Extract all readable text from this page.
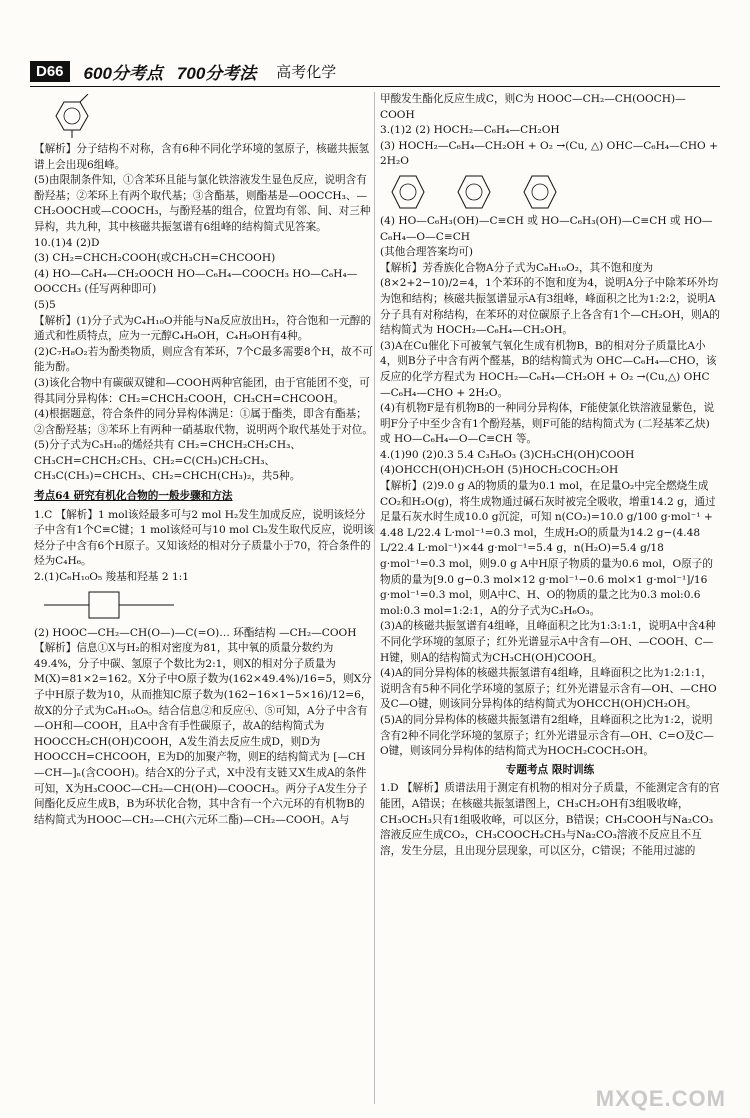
D66	600分考点 700分考法 高考化学

【解析】分子结构不对称，含有6种不同化学环境的氢原子，核磁共振氢谱上会出现6组峰。

(5)由限制条件知，①含苯环且能与氯化铁溶液发生显色反应，说明含有酚羟基；②苯环上有两个取代基；③含酯基，则酯基是—OOCCH₃、—CH₂OOCH或—COOCH₃，与酚羟基的组合，位置均有邻、间、对三种异构，共九种，其中核磁共振氢谱有6组峰的结构简式见答案。

10.(1)4 (2)D

(3) CH₂=CHCH₂COOH(或CH₃CH=CHCOOH)

(4) HO—C₆H₄—CH₂OOCH HO—C₆H₄—COOCH₃ HO—C₆H₄—OOCCH₃ (任写两种即可)

(5)5

【解析】(1)分子式为C₄H₁₀O并能与Na反应放出H₂，符合饱和一元醇的通式和性质特点，应为一元醇C₄H₉OH，C₄H₉OH有4种。

(2)C₇H₈O₂若为酚类物质，则应含有苯环，7个C最多需要8个H，故不可能为酚。

(3)该化合物中有碳碳双键和—COOH两种官能团，由于官能团不变，可得其同分异构体：CH₂=CHCH₂COOH，CH₃CH=CHCOOH。

(4)根据题意，符合条件的同分异构体满足：①属于酯类，即含有酯基；②含酚羟基；③苯环上有两种一硝基取代物，说明两个取代基处于对位。

(5)分子式为C₅H₁₀的烯烃共有 CH₂=CHCH₂CH₂CH₃、CH₃CH=CHCH₂CH₃、CH₂=C(CH₃)CH₂CH₃、CH₃C(CH₃)=CHCH₃、CH₂=CHCH(CH₃)₂，共5种。

考点64 研究有机化合物的一般步骤和方法

1.C 【解析】1 mol该烃最多可与2 mol H₂发生加成反应，说明该烃分子中含有1个C≡C键；1 mol该烃可与10 mol Cl₂发生取代反应，说明该烃分子中含有6个H原子。又知该烃的相对分子质量小于70，符合条件的烃为C₄H₆。

2.(1)C₆H₁₀O₅ 羧基和羟基 2 1:1

(2) HOOC—CH₂—CH(O—)—C(=O)… 环酯结构 —CH₂—COOH

【解析】信息①X与H₂的相对密度为81，其中氧的质量分数约为49.4%，分子中碳、氢原子个数比为2:1，则X的相对分子质量为M(X)=81×2=162。X分子中O原子数为(162×49.4%)/16=5，则X分子中H原子数为10，从而推知C原子数为(162−16×1−5×16)/12=6，故X的分子式为C₆H₁₀O₅。结合信息②和反应④、⑤可知，A分子中含有—OH和—COOH，且A中含有手性碳原子，故A的结构简式为HOOCCH₂CH(OH)COOH，A发生消去反应生成D，则D为HOOCCH=CHCOOH，E为D的加聚产物，则E的结构简式为 [—CH—CH—]ₙ(含COOH)。结合X的分子式，X中没有支链又X生成A的条件可知，X为H₃COOC—CH₂—CH(OH)—COOCH₃。两分子A发生分子间酯化反应生成B，B为环状化合物，其中含有一个六元环的有机物B的结构简式为HOOC—CH₂—CH(六元环二酯)—CH₂—COOH。A与

甲酸发生酯化反应生成C，则C为 HOOC—CH₂—CH(OOCH)—COOH

3.(1)2 (2) HOCH₂—C₆H₄—CH₂OH

(3) HOCH₂—C₆H₄—CH₂OH + O₂ →(Cu, △) OHC—C₆H₄—CHO + 2H₂O

(4) HO—C₆H₃(OH)—C≡CH 或 HO—C₆H₃(OH)—C≡CH 或 HO—C₆H₄—O—C≡CH

(其他合理答案均可)

【解析】芳香族化合物A分子式为C₈H₁₀O₂，其不饱和度为(8×2+2−10)/2=4，1个苯环的不饱和度为4，说明A分子中除苯环外均为饱和结构；核磁共振氢谱显示A有3组峰，峰面积之比为1:2:2，说明A分子具有对称结构，在苯环的对位碳原子上各含有1个—CH₂OH，则A的结构简式为 HOCH₂—C₆H₄—CH₂OH。

(3)A在Cu催化下可被氧气氧化生成有机物B，B的相对分子质量比A小4，则B分子中含有两个醛基，B的结构简式为 OHC—C₆H₄—CHO，该反应的化学方程式为 HOCH₂—C₆H₄—CH₂OH + O₂ →(Cu,△) OHC—C₆H₄—CHO + 2H₂O。

(4)有机物F是有机物B的一种同分异构体，F能使氯化铁溶液显紫色，说明F分子中至少含有1个酚羟基，则F可能的结构简式为 (二羟基苯乙炔) 或 HO—C₆H₄—O—C≡CH 等。

4.(1)90 (2)0.3 5.4 C₃H₆O₃ (3)CH₃CH(OH)COOH

(4)OHCCH(OH)CH₂OH (5)HOCH₂COCH₂OH

【解析】(2)9.0 g A的物质的量为0.1 mol，在足量O₂中完全燃烧生成CO₂和H₂O(g)，将生成物通过碱石灰时被完全吸收，增重14.2 g，通过足量石灰水时生成10.0 g沉淀，可知 n(CO₂)=10.0 g/100 g·mol⁻¹ + 4.48 L/22.4 L·mol⁻¹=0.3 mol，生成H₂O的质量为14.2 g−(4.48 L/22.4 L·mol⁻¹)×44 g·mol⁻¹=5.4 g，n(H₂O)=5.4 g/18 g·mol⁻¹=0.3 mol，则9.0 g A中H原子物质的量为0.6 mol，O原子的物质的量为[9.0 g−0.3 mol×12 g·mol⁻¹−0.6 mol×1 g·mol⁻¹]/16 g·mol⁻¹=0.3 mol，则A中C、H、O的物质的量之比为0.3 mol:0.6 mol:0.3 mol=1:2:1，A的分子式为C₃H₆O₃。

(3)A的核磁共振氢谱有4组峰，且峰面积之比为1:3:1:1，说明A中含4种不同化学环境的氢原子；红外光谱显示A中含有—OH、—COOH、C—H键，则A的结构简式为CH₃CH(OH)COOH。

(4)A的同分异构体的核磁共振氢谱有4组峰，且峰面积之比为1:2:1:1，说明含有5种不同化学环境的氢原子；红外光谱显示含有—OH、—CHO及C—O键，则该同分异构体的结构简式为OHCCH(OH)CH₂OH。

(5)A的同分异构体的核磁共振氢谱有2组峰，且峰面积之比为1:2，说明含有2种不同化学环境的氢原子；红外光谱显示含有—OH、C=O及C—O键，则该同分异构体的结构简式为HOCH₂COCH₂OH。

专题考点 限时训练

1.D 【解析】质谱法用于测定有机物的相对分子质量，不能测定含有的官能团，A错误；在核磁共振氢谱图上，CH₃CH₂OH有3组吸收峰，CH₃OCH₃只有1组吸收峰，可以区分，B错误；CH₃COOH与Na₂CO₃溶液反应生成CO₂，CH₃COOCH₂CH₃与Na₂CO₃溶液不反应且不互溶，发生分层，且出现分层现象，可以区分，C错误；不能用过滤的

MXQE.COM
